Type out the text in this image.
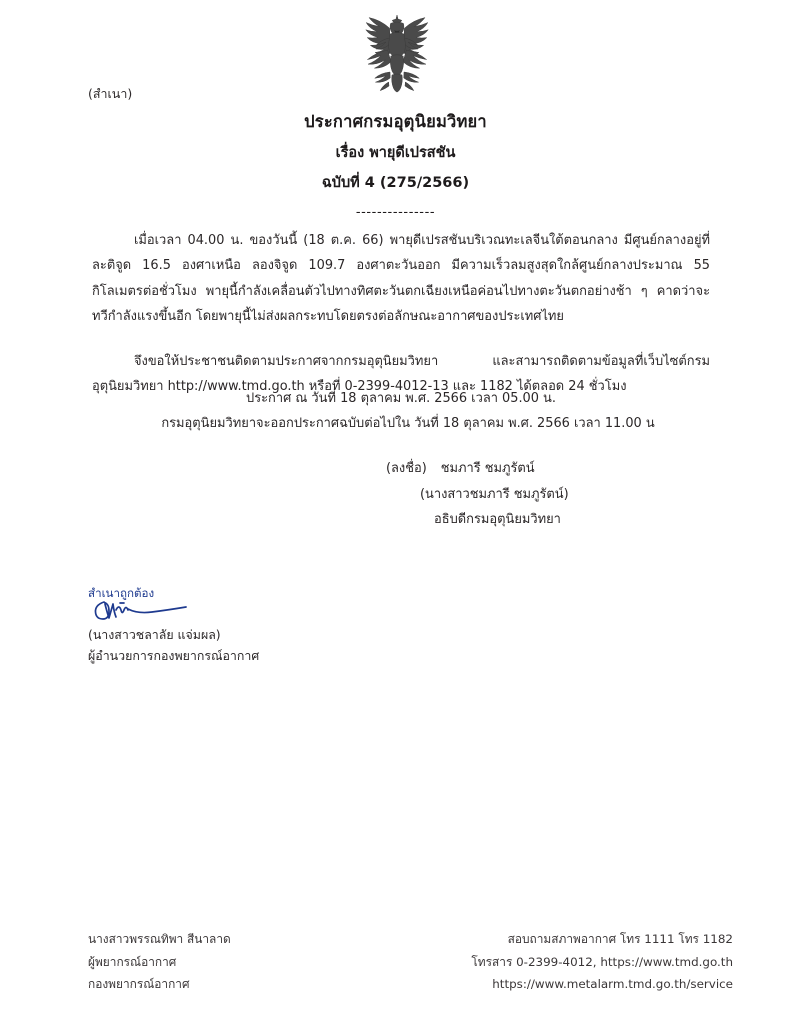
(สำเนา)
ประกาศกรมอุตุนิยมวิทยา
เรื่อง พายุดีเปรสชัน
ฉบับที่ 4 (275/2566)
---------------

เมื่อเวลา 04.00 น. ของวันนี้ (18 ต.ค. 66) พายุดีเปรสชันบริเวณทะเลจีนใต้ตอนกลาง มีศูนย์กลางอยู่ที่ละติจูด 16.5 องศาเหนือ ลองจิจูด 109.7 องศาตะวันออก มีความเร็วลมสูงสุดใกล้ศูนย์กลางประมาณ 55 กิโลเมตรต่อชั่วโมง พายุนี้กำลังเคลื่อนตัวไปทางทิศตะวันตกเฉียงเหนือค่อนไปทางตะวันตกอย่างช้า ๆ คาดว่าจะทวีกำลังแรงขึ้นอีก โดยพายุนี้ไม่ส่งผลกระทบโดยตรงต่อลักษณะอากาศของประเทศไทย

จึงขอให้ประชาชนติดตามประกาศจากกรมอุตุนิยมวิทยา และสามารถติดตามข้อมูลที่เว็บไซต์กรมอุตุนิยมวิทยา http://www.tmd.go.th หรือที่ 0-2399-4012-13 และ 1182 ได้ตลอด 24 ชั่วโมง

ประกาศ ณ วันที่ 18 ตุลาคม พ.ศ. 2566 เวลา 05.00 น.
กรมอุตุนิยมวิทยาจะออกประกาศฉบับต่อไปใน วันที่ 18 ตุลาคม พ.ศ. 2566 เวลา 11.00 น
(ลงชื่อ) ชมภารี ชมภูรัตน์
(นางสาวชมภารี ชมภูรัตน์)
อธิบดีกรมอุตุนิยมวิทยา
สำเนาถูกต้อง
(นางสาวชลาลัย แจ่มผล)
ผู้อำนวยการกองพยากรณ์อากาศ
นางสาวพรรณทิพา สีนาลาด
ผู้พยากรณ์อากาศ
กองพยากรณ์อากาศ
สอบถามสภาพอากาศ โทร 1111 โทร 1182
โทรสาร 0-2399-4012, https://www.tmd.go.th
https://www.metalarm.tmd.go.th/service
